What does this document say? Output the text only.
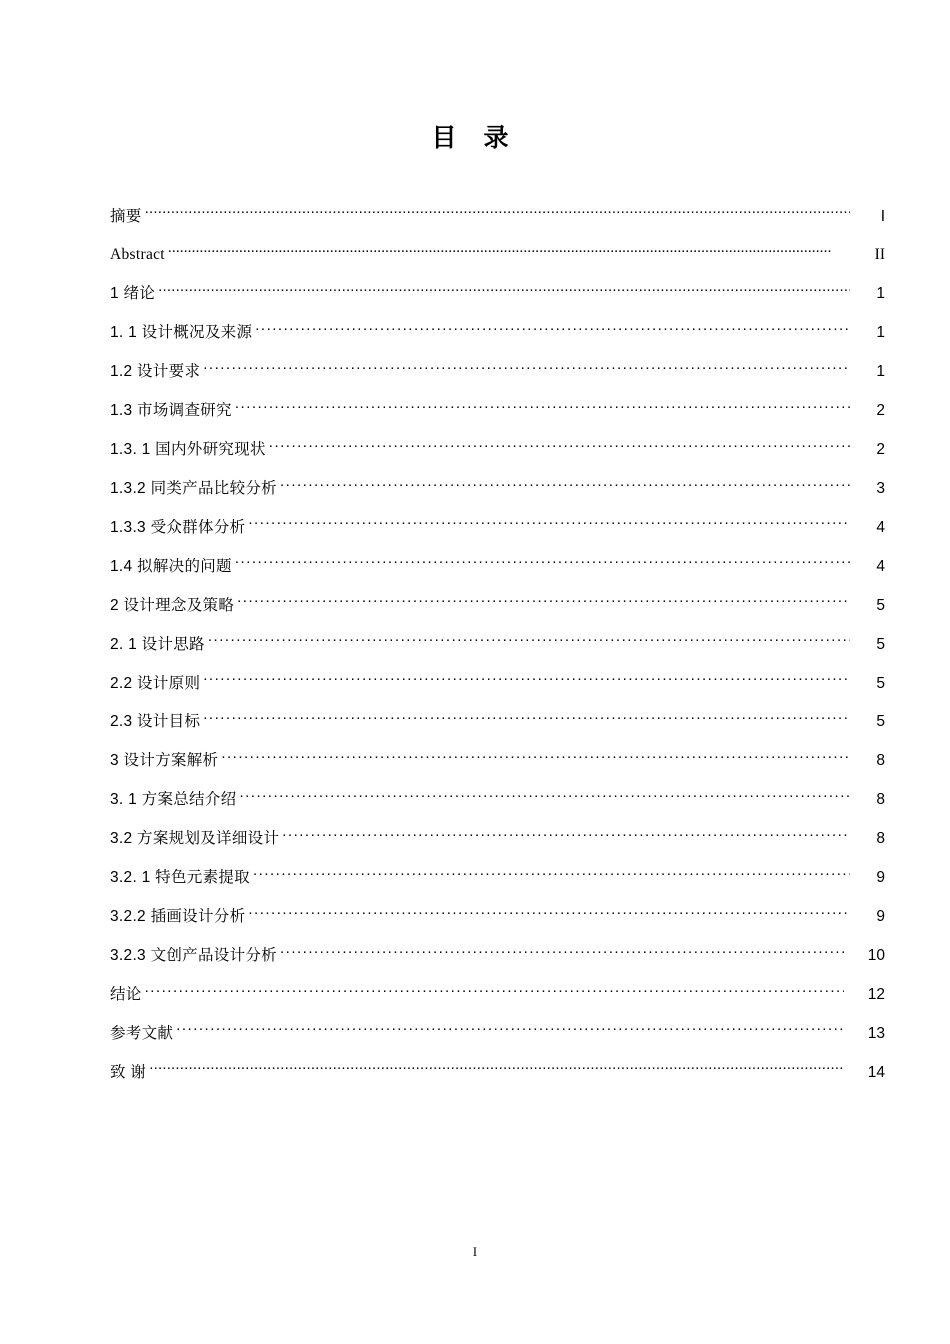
目 录
摘要 .....	I
Abstract .....	II
1 绪论 .....	1
1. 1 设计概况及来源 .....	1
1.2 设计要求 .....	1
1.3 市场调查研究 .....	2
1.3. 1 国内外研究现状 .....	2
1.3.2 同类产品比较分析 .....	3
1.3.3 受众群体分析 .....	4
1.4 拟解决的问题 .....	4
2 设计理念及策略 .....	5
2. 1 设计思路 .....	5
2.2 设计原则 .....	5
2.3 设计目标 .....	5
3 设计方案解析 .....	8
3. 1 方案总结介绍 .....	8
3.2 方案规划及详细设计 .....	8
3.2. 1 特色元素提取 .....	9
3.2.2 插画设计分析 .....	9
3.2.3 文创产品设计分析 .....	10
结论 .....	12
参考文献 .....	13
致 谢 .....	14
I
